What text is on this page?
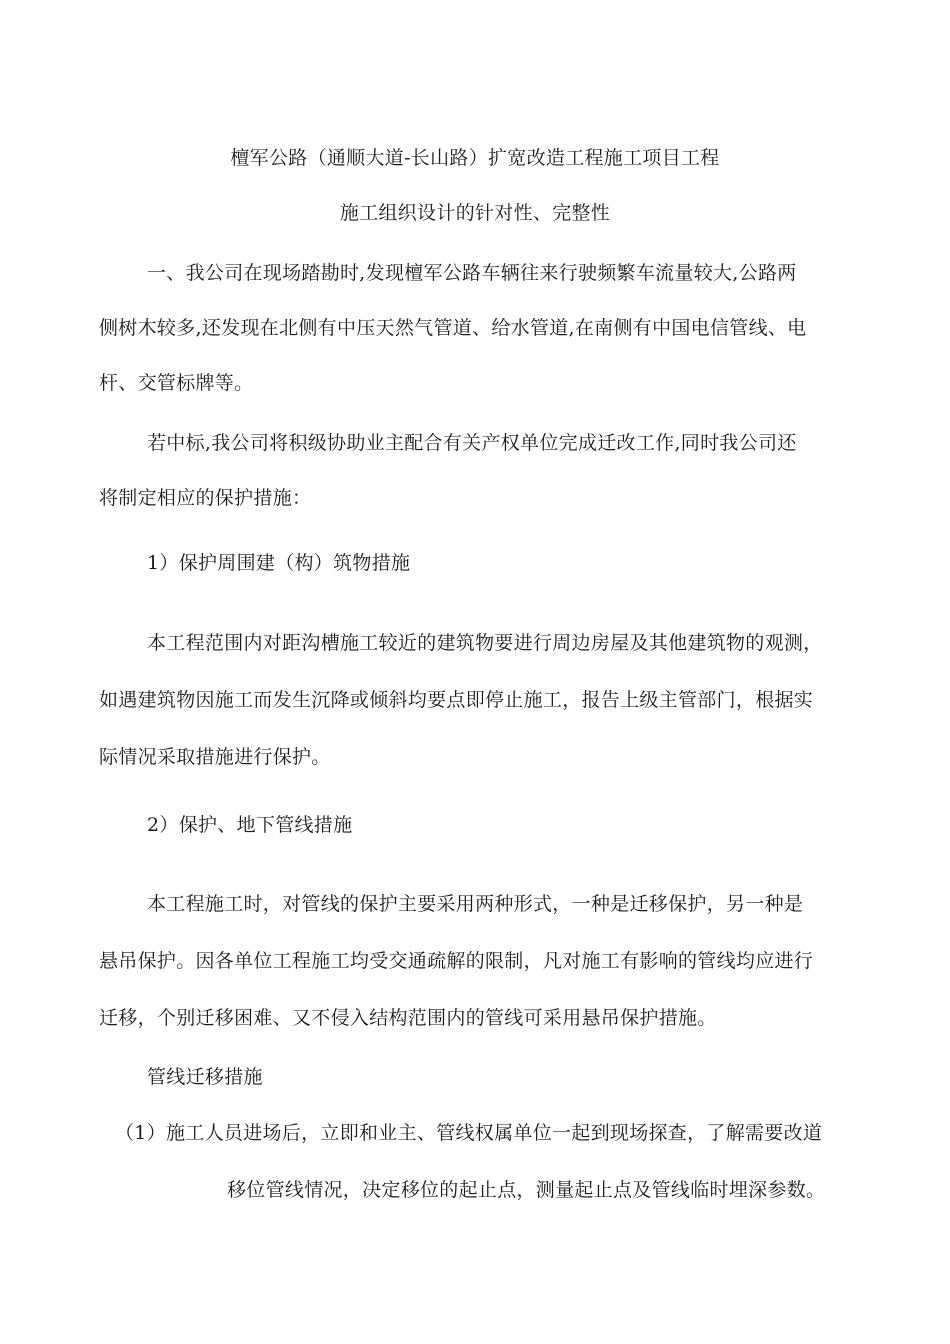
檀军公路（通顺大道-长山路）扩宽改造工程施工项目工程
施工组织设计的针对性、完整性
一、我公司在现场踏勘时,发现檀军公路车辆往来行驶频繁车流量较大,公路两
侧树木较多,还发现在北侧有中压天然气管道、给水管道,在南侧有中国电信管线、电
杆、交管标牌等。
若中标,我公司将积级协助业主配合有关产权单位完成迁改工作,同时我公司还
将制定相应的保护措施：
1）保护周围建（构）筑物措施
本工程范围内对距沟槽施工较近的建筑物要进行周边房屋及其他建筑物的观测，
如遇建筑物因施工而发生沉降或倾斜均要点即停止施工，报告上级主管部门，根据实
际情况采取措施进行保护。
2）保护、地下管线措施
本工程施工时，对管线的保护主要采用两种形式，一种是迁移保护，另一种是
悬吊保护。因各单位工程施工均受交通疏解的限制，凡对施工有影响的管线均应进行
迁移，个别迁移困难、又不侵入结构范围内的管线可采用悬吊保护措施。
管线迁移措施
（1）施工人员进场后，立即和业主、管线权属单位一起到现场探查，了解需要改道
移位管线情况，决定移位的起止点，测量起止点及管线临时埋深参数。
